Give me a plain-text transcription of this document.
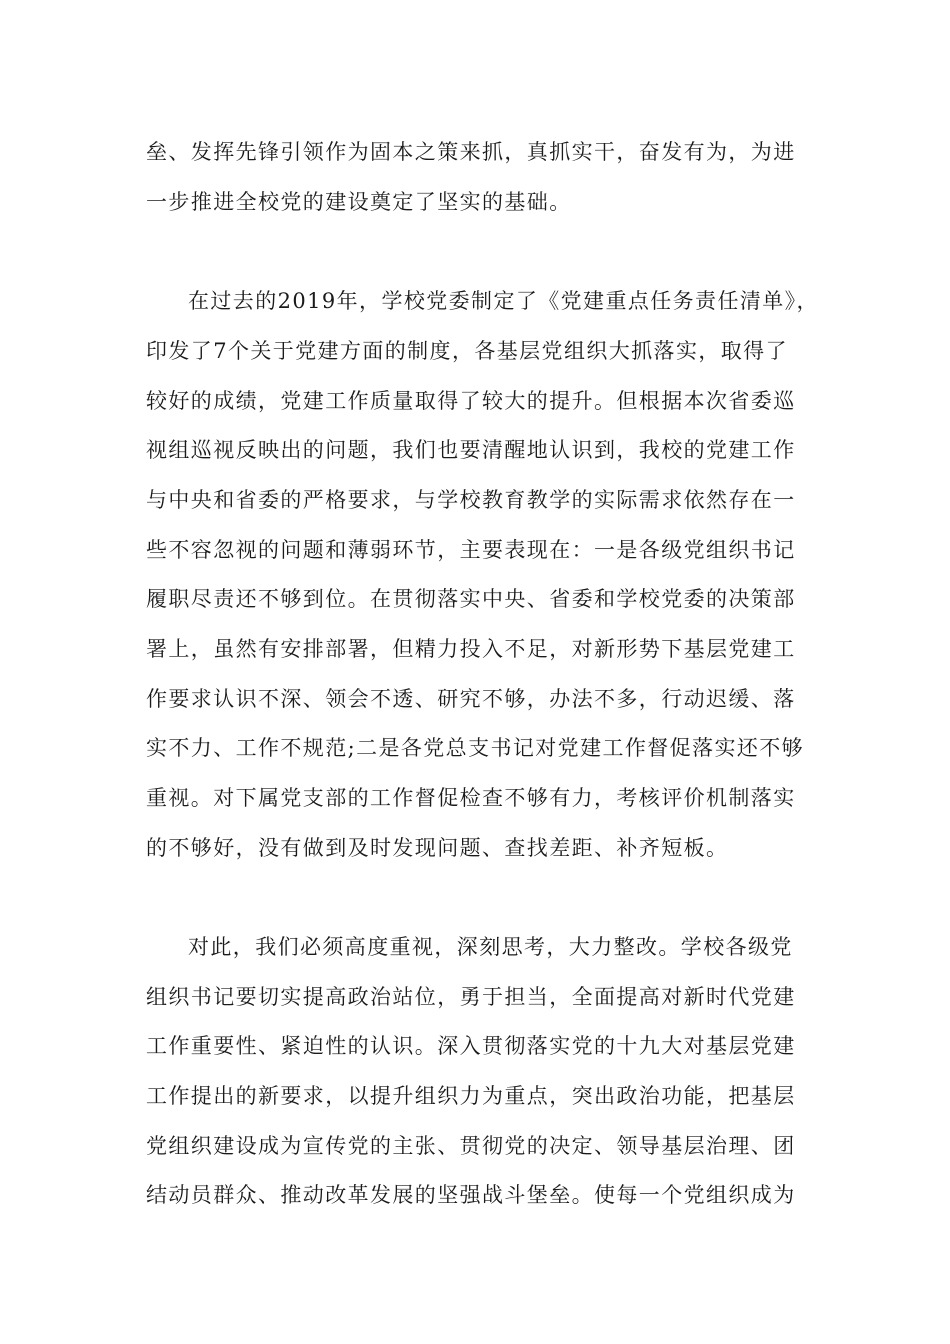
垒、发挥先锋引领作为固本之策来抓，真抓实干，奋发有为，为进
一步推进全校党的建设奠定了坚实的基础。
在过去的2019年，学校党委制定了《党建重点任务责任清单》，
印发了7个关于党建方面的制度，各基层党组织大抓落实，取得了
较好的成绩，党建工作质量取得了较大的提升。但根据本次省委巡
视组巡视反映出的问题，我们也要清醒地认识到，我校的党建工作
与中央和省委的严格要求，与学校教育教学的实际需求依然存在一
些不容忽视的问题和薄弱环节，主要表现在：一是各级党组织书记
履职尽责还不够到位。在贯彻落实中央、省委和学校党委的决策部
署上，虽然有安排部署，但精力投入不足，对新形势下基层党建工
作要求认识不深、领会不透、研究不够，办法不多，行动迟缓、落
实不力、工作不规范;二是各党总支书记对党建工作督促落实还不够
重视。对下属党支部的工作督促检查不够有力，考核评价机制落实
的不够好，没有做到及时发现问题、查找差距、补齐短板。
对此，我们必须高度重视，深刻思考，大力整改。学校各级党
组织书记要切实提高政治站位，勇于担当，全面提高对新时代党建
工作重要性、紧迫性的认识。深入贯彻落实党的十九大对基层党建
工作提出的新要求，以提升组织力为重点，突出政治功能，把基层
党组织建设成为宣传党的主张、贯彻党的决定、领导基层治理、团
结动员群众、推动改革发展的坚强战斗堡垒。使每一个党组织成为
